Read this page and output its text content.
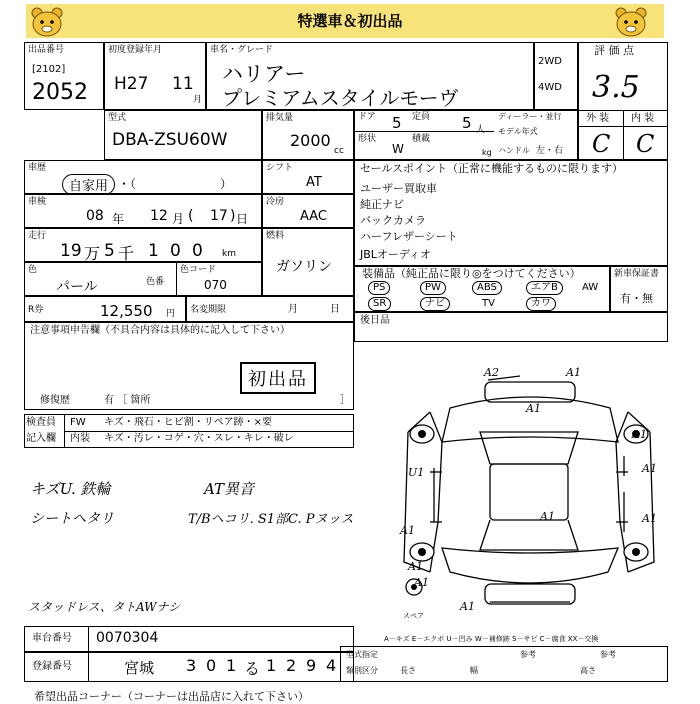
特選車＆初出品
出品番号
[2102]
2052
初度登録年月
H27 11
月
車名・グレード
ハリアー
プレミアムスタイルモーヴ
2WD
4WD
評 価 点
3.5
外 装 内 装
C C
型式
DBA-ZSU60W
排気量
2000
cc
ドア 5 定員 5 人
ディーラー・並行
モデル年式
形状
W
積載
kg ハンドル 左・右
車歴
自家用 ・（　　　　　　　）
シフト
AT
車検
08 年 12 月 17 日
(	)
冷房
AAC
走行
19 万 5 千 1 0 0 km
燃料
ガソリン
色
パール	色番
色コード
070
R券	12,550 円 名変期限	月	日
セールスポイント（正常に機能するものに限ります）
ユーザー買取車
純正ナビ
バックカメラ
ハーフレザーシート
JBLオーディオ
装備品（純正品に限り◎をつけてください）
PS	PW	ABS	エアB	AW
SR	ナビ	TV	カワ
新車保証書
有・無
後日品
注意事項申告欄（不具合内容は具体的に記入して下さい）
初出品
修復歴	有 ［ 箇所	］
検査員
記入欄
FW キズ・飛石・ヒビ割・リペア跡・×要
内装 キズ・汚レ・コゲ・穴・スレ・キレ・破レ
キズU. 鉄輪
シートヘタリ
AT異音
T/Bヘコリ. S1部C. Pヌッス
スタッドレス、タトAWナシ
A2	A1
A1
A1
A1
U1
A1	A1
A1
A1
A1
A1
スペア
A－キズ E－エクボ U－凹み W－補修跡 S－サビ C－腐食 XX－交換
車台番号 0070304
登録番号	宮城 3 0 1 る 1 2 9 4
型式指定
類別区分	長さ	幅	高さ
参考	参考
希望出品コーナー（コーナーは出品店に入れて下さい）
